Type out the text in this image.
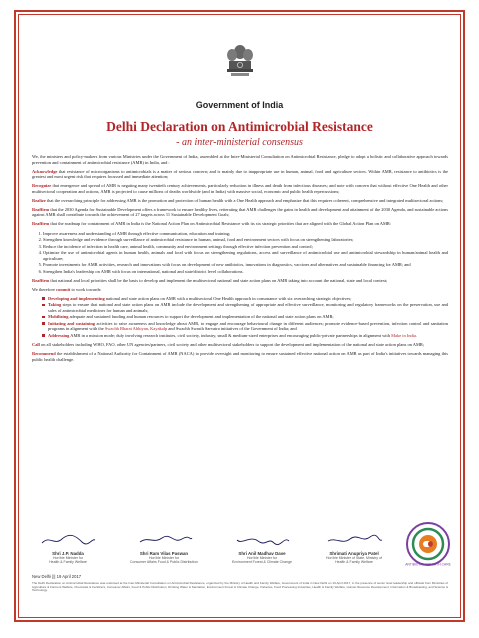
Government of India
Delhi Declaration on Antimicrobial Resistance
- an inter-ministerial consensus

We, the ministers and policy-makers from various Ministries under the Government of India, assembled at the Inter-Ministerial Consultation on Antimicrobial Resistance, pledge to adopt a holistic and collaborative approach towards prevention and containment of antimicrobial resistance (AMR) in India, and :

Acknowledge that resistance of microorganisms to antimicrobials is a matter of serious concern; and is mainly due to inappropriate use in human, animal, food and agriculture sectors. Within AMR, resistance to antibiotics is the greatest and most urgent risk that requires focussed and immediate attention;

Recognize that emergence and spread of AMR is negating many twentieth century achievements, particularly reduction in illness and death from infectious diseases; and note with concern that without effective One Health and other multisectoral cooperation and actions, AMR is projected to cause millions of deaths worldwide (and in India) with massive social, economic and public health repercussions;

Realize that the overarching principle for addressing AMR is the promotion and protection of human health with a One Health approach and emphasize that this requires coherent, comprehensive and integrated multisectoral actions;

Reaffirm that the 2030 Agenda for Sustainable Development offers a framework to ensure healthy lives, reiterating that AMR challenges the gains in health and development and attainment of the 2030 Agenda, and sustainable actions against AMR shall contribute towards the achievement of 27 targets across 11 Sustainable Development Goals;

Reaffirm that the roadmap for containment of AMR in India is the National Action Plan on Antimicrobial Resistance with its six strategic priorities that are aligned with the Global Action Plan on AMR:

1. Improve awareness and understanding of AMR through effective communication, education and training;
2. Strengthen knowledge and evidence through surveillance of antimicrobial resistance in human, animal, food and environment sectors with focus on strengthening laboratories;
3. Reduce the incidence of infection in health care, animal health, community and environment settings through effective infection prevention and control;
4. Optimize the use of antimicrobial agents in human health, animals and food with focus on strengthening regulations, access and surveillance of antimicrobial use and antimicrobial stewardship in human/animal health and agriculture;
5. Promote investments for AMR activities, research and innovations with focus on development of new antibiotics, innovations in diagnostics, vaccines and alternatives and sustainable financing for AMR; and
6. Strengthen India's leadership on AMR with focus on international, national and state/district level collaborations.

Reaffirm that national and local priorities shall be the basis to develop and implement the multisectoral national and state action plans on AMR taking into account the national, state and local context;

We therefore commit to work towards:

Developing and implementing national and state action plans on AMR with a multisectoral One Health approach in consonance with six overarching strategic objectives;
Taking steps to ensure that national and state action plans on AMR include the development and strengthening of appropriate and effective surveillance, monitoring and regulatory frameworks on the preservation, use and sales of antimicrobial medicines for human and animals;
Mobilizing adequate and sustained funding and human resources to support the development and implementation of the national and state action plans on AMR;
Initiating and sustaining activities to raise awareness and knowledge about AMR, to engage and encourage behavioural change in different audiences; promote evidence-based prevention, infection control and sanitation programs in alignment with the Swachh Bharat Abhiyan, Kayakalp and Swachh Swasth Sarvatra initiatives of the Government of India; and
Addressing AMR in a mission mode; duly involving research institutes, civil society, industry, small & medium-sized enterprises and encouraging public-private partnerships in alignment with Make in India.

Call on all stakeholders including WHO, FAO, other UN agencies/partners, civil society and other multisectoral stakeholders to support the development and implementation of the national and state action plans on AMR;

Recommend the establishment of a National Authority for Containment of AMR (NACA) to provide oversight and monitoring to ensure sustained effective national action on AMR as part of India's initiatives towards managing this public health challenge.

Shri J.P. Nadda
Hon'ble Minister for
Health & Family Welfare
Shri Ram Vilas Paswan
Hon'ble Minister for
Consumer Affairs Food & Public Distribution
Shri Anil Madhav Dave
Hon'ble Minister for
Environment Forest & Climate Change
Shrimati Anupriya Patel
Hon'ble Minister of State, Ministry of
Health & Family Welfare
ANTIBIOTIC USE WITH CARE
New Delhi ||| 19 April 2017
The Delhi Declaration on Antimicrobial Resistance was endorsed at the Inter-Ministerial Consultation on Antimicrobial Resistance, organized by the Ministry of Health and Family Welfare, Government of India in New Delhi on 19 April 2017, in the presence of senior level leadership and officials from Ministries of Agriculture & Farmers Welfare, Chemicals & Fertilizers, Consumer Affairs, Food & Public Distribution, Drinking Water & Sanitation, Environment Forest & Climate Change, Fisheries, Food Processing Industries, Health & Family Welfare, Human Resource Development, Information & Broadcasting, and Science & Technology.
